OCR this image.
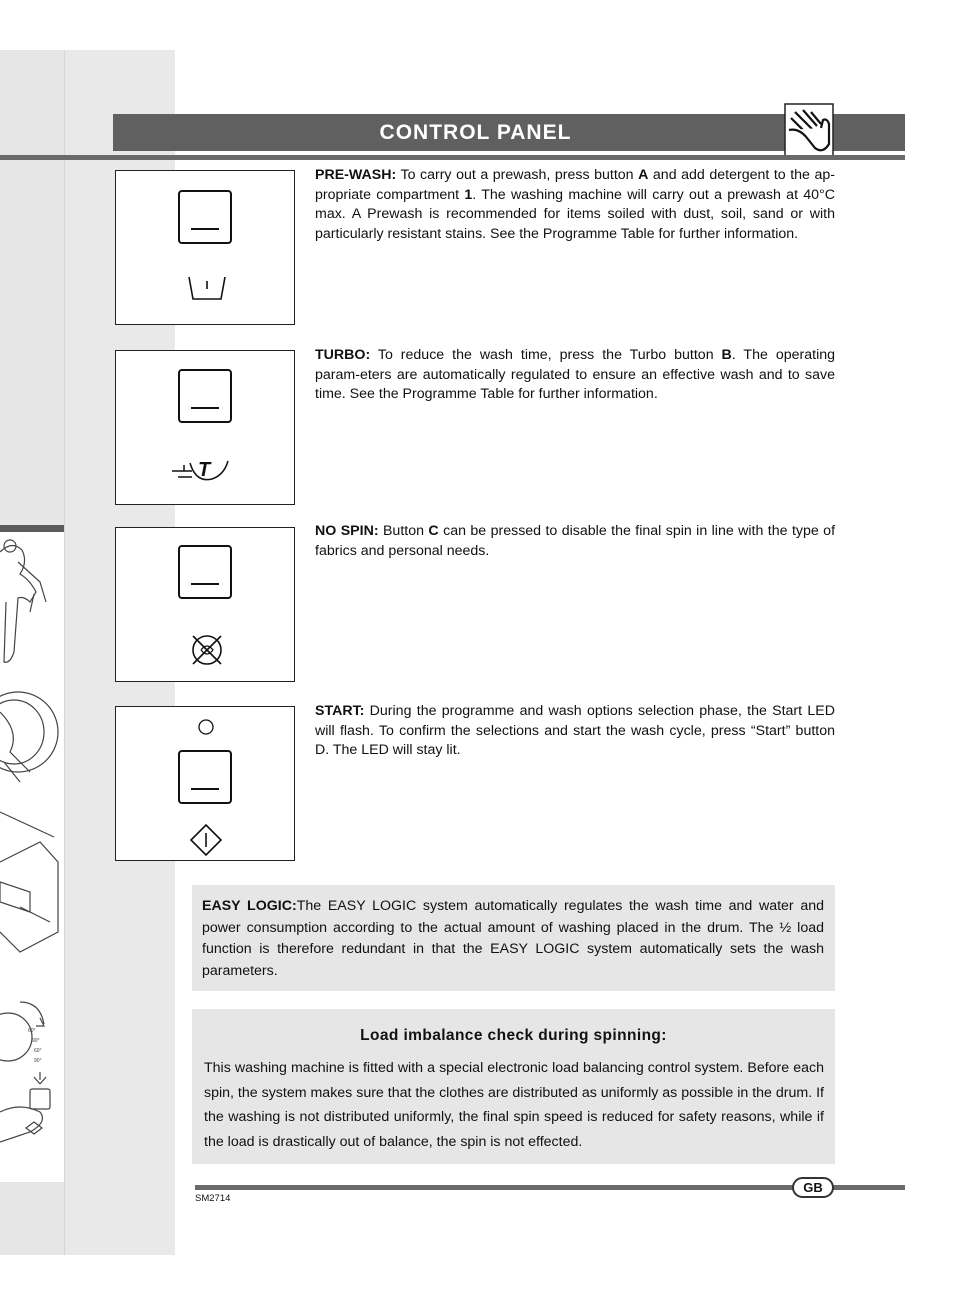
60°
90°
60°
90°
CONTROL PANEL	7
PRE-WASH: To carry out a prewash, press button A and add detergent to the ap-propriate compartment 1. The washing machine will carry out a prewash at 40°C max. A Prewash is recommended for items soiled with dust, soil, sand or with particularly resistant stains. See the Programme Table for further information.
T
TURBO: To reduce the wash time, press the Turbo button B. The operating param-eters are automatically regulated to ensure an effective wash and to save time. See the Programme Table for further information.
NO SPIN: Button C can be pressed to disable the final spin in line with the type of fabrics and personal needs.
START: During the programme and wash options selection phase, the Start LED will flash. To confirm the selections and start the wash cycle, press “Start” button D. The LED will stay lit.
EASY LOGIC:The EASY LOGIC system automatically regulates the wash time and water and power consumption according to the actual amount of washing placed in the drum. The ½ load function is therefore redundant in that the EASY LOGIC system automatically sets the wash parameters.
Load imbalance check during spinning:
This washing machine is fitted with a special electronic load balancing control system. Before each spin, the system makes sure that the clothes are distributed as uniformly as possible in the drum. If the washing is not distributed uniformly, the final spin speed is reduced for safety reasons, while if the load is drastically out of balance, the spin is not effected.
GB
SM2714
